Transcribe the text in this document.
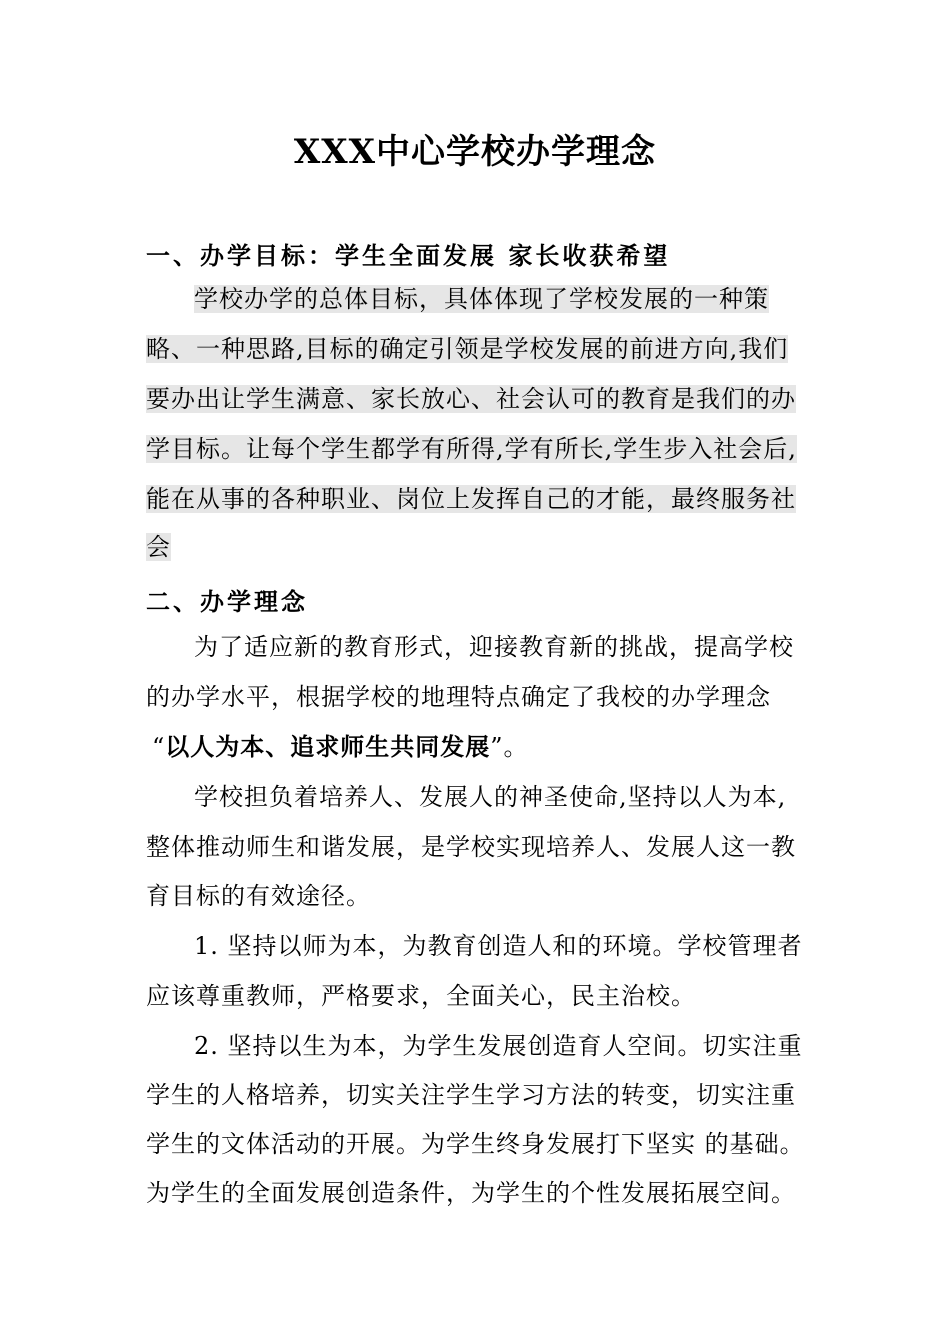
XXX中心学校办学理念
一、办学目标：学生全面发展 家长收获希望
学校办学的总体目标，具体体现了学校发展的一种策
略、一种思路,目标的确定引领是学校发展的前进方向,我们
要办出让学生满意、家长放心、社会认可的教育是我们的办
学目标。让每个学生都学有所得,学有所长,学生步入社会后,
能在从事的各种职业、岗位上发挥自己的才能，最终服务社
会
二、办学理念
为了适应新的教育形式，迎接教育新的挑战，提高学校
的办学水平，根据学校的地理特点确定了我校的办学理念
“以人为本、追求师生共同发展”。
学校担负着培养人、发展人的神圣使命,坚持以人为本,
整体推动师生和谐发展，是学校实现培养人、发展人这一教
育目标的有效途径。
1. 坚持以师为本，为教育创造人和的环境。学校管理者
应该尊重教师，严格要求，全面关心，民主治校。
2. 坚持以生为本，为学生发展创造育人空间。切实注重
学生的人格培养，切实关注学生学习方法的转变，切实注重
学生的文体活动的开展。为学生终身发展打下坚实 的基础。
为学生的全面发展创造条件，为学生的个性发展拓展空间。
